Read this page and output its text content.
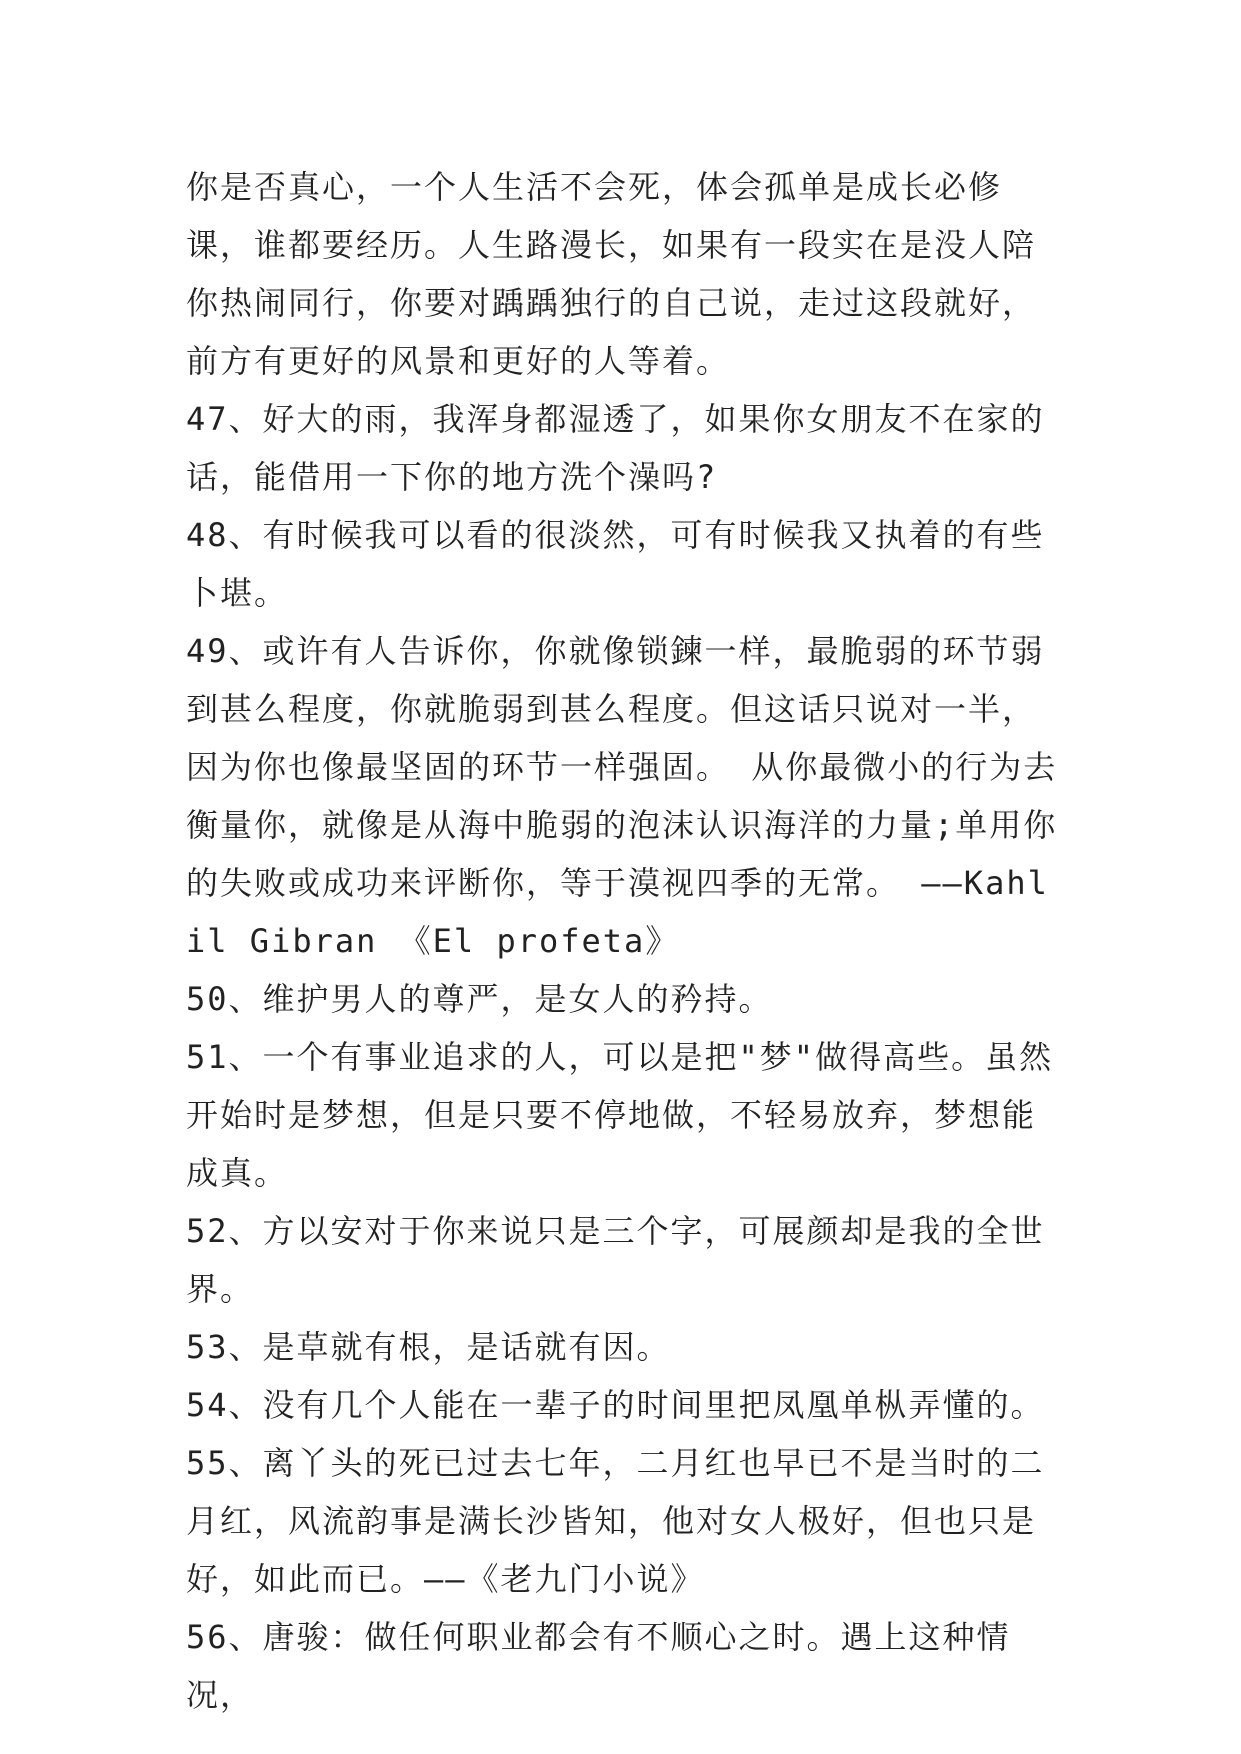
你是否真心，一个人生活不会死，体会孤单是成长必修课，谁都要经历。人生路漫长，如果有一段实在是没人陪你热闹同行，你要对踽踽独行的自己说，走过这段就好，前方有更好的风景和更好的人等着。

47、好大的雨，我浑身都湿透了，如果你女朋友不在家的话，能借用一下你的地方洗个澡吗?

48、有时候我可以看的很淡然，可有时候我又执着的有些卜堪。

49、或许有人告诉你，你就像锁鍊一样，最脆弱的环节弱到甚么程度，你就脆弱到甚么程度。但这话只说对一半，因为你也像最坚固的环节一样强固。 从你最微小的行为去衡量你，就像是从海中脆弱的泡沫认识海洋的力量;单用你的失败或成功来评断你，等于漠视四季的无常。 ——Kahlil Gibran 《El profeta》

50、维护男人的尊严，是女人的矜持。

51、一个有事业追求的人，可以是把"梦"做得高些。虽然开始时是梦想，但是只要不停地做，不轻易放弃，梦想能成真。

52、方以安对于你来说只是三个字，可展颜却是我的全世界。

53、是草就有根，是话就有因。

54、没有几个人能在一辈子的时间里把凤凰单枞弄懂的。

55、离丫头的死已过去七年，二月红也早已不是当时的二月红，风流韵事是满长沙皆知，他对女人极好，但也只是好，如此而已。——《老九门小说》

56、唐骏：做任何职业都会有不顺心之时。遇上这种情况，
